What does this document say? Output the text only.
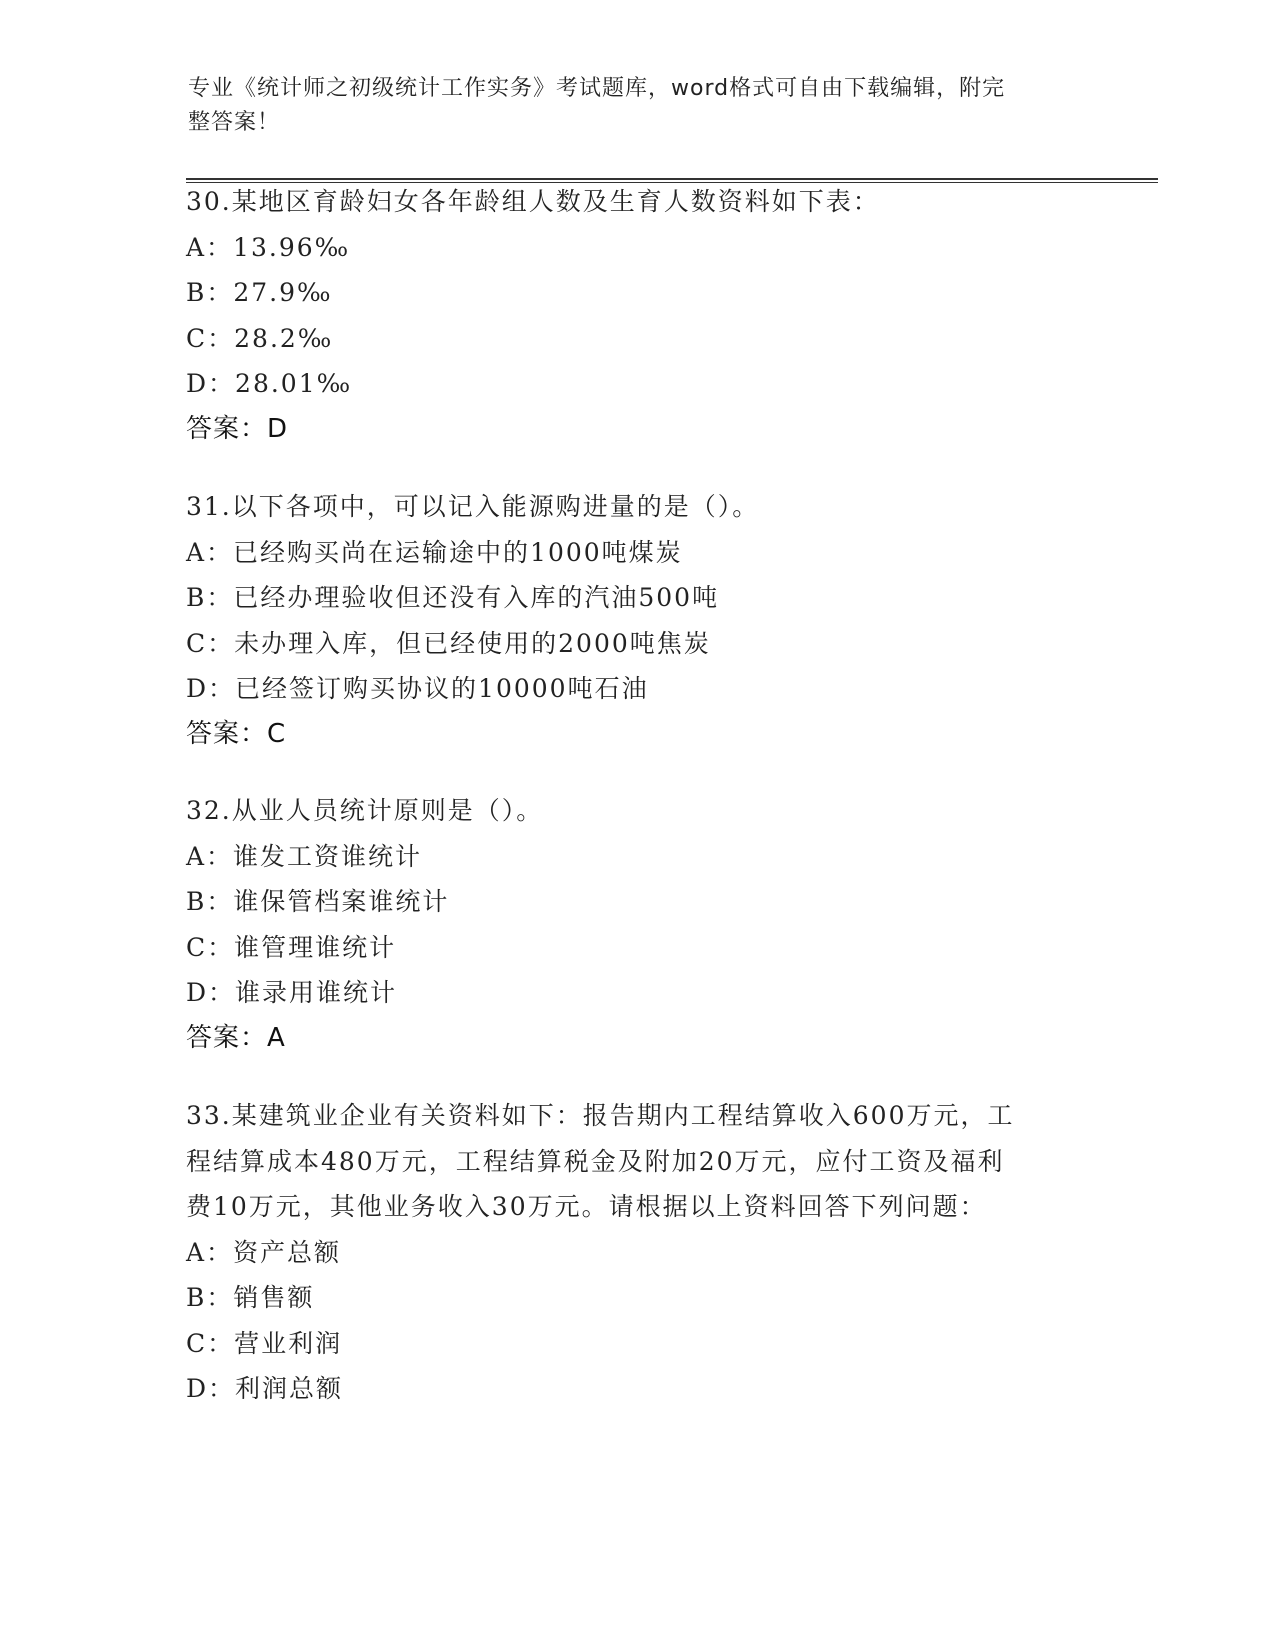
专业《统计师之初级统计工作实务》考试题库，word格式可自由下载编辑，附完
整答案！
30.某地区育龄妇女各年龄组人数及生育人数资料如下表：
A：13.96‰
B：27.9‰
C：28.2‰
D：28.01‰
答案：D
31.以下各项中，可以记入能源购进量的是（）。
A：已经购买尚在运输途中的1000吨煤炭
B：已经办理验收但还没有入库的汽油500吨
C：未办理入库，但已经使用的2000吨焦炭
D：已经签订购买协议的10000吨石油
答案：C
32.从业人员统计原则是（）。
A：谁发工资谁统计
B：谁保管档案谁统计
C：谁管理谁统计
D：谁录用谁统计
答案：A
33.某建筑业企业有关资料如下：报告期内工程结算收入600万元，工
程结算成本480万元，工程结算税金及附加20万元，应付工资及福利
费10万元，其他业务收入30万元。请根据以上资料回答下列问题：
A：资产总额
B：销售额
C：营业利润
D：利润总额
